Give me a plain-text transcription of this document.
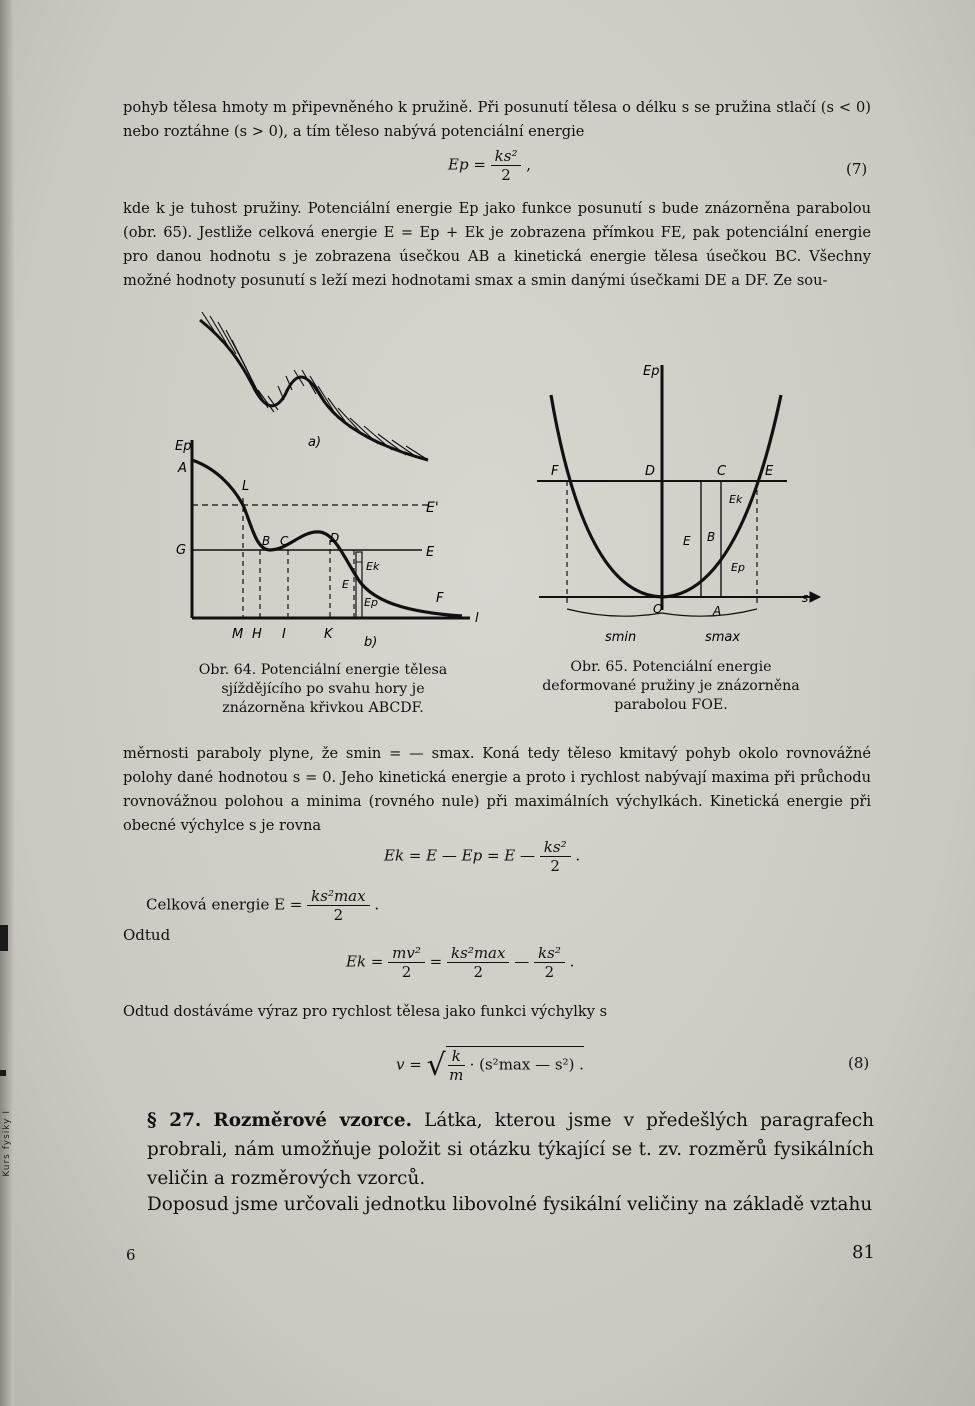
Kurs fysiky I
pohyb tělesa hmoty m připevněného k pružině. Při posunutí tělesa o délku s se pružina stlačí (s < 0) nebo roztáhne (s > 0), a tím těleso nabývá potenciální energie
$Ep = \frac{\text{ks²}}{2}$ ,	(7)
kde k je tuhost pružiny. Potenciální energie Ep jako funkce posunutí s bude znázorněna parabolou (obr. 65). Jestliže celková energie E = Ep + Ek je zobrazena přímkou FE, pak potenciální energie pro danou hodnotu s je zobrazena úsečkou AB a kinetická energie tělesa úsečkou BC. Všechny možné hodnoty posunutí s leží mezi hodnotami smax a smin danými úsečkami DE a DF. Ze sou-
a)
Ep
A
L
E'
G
B C	D
E
Ek
E
Ep	F
l
M H I	K
b)
Obr. 64. Potenciální energie tělesa sjíždějícího po svahu hory je znázorněna křivkou ABCDF.
Ep
F	D	C	E
Ek
E B
Ep
O	A
s
smin	smax
Obr. 65. Potenciální energie deformované pružiny je znázorněna parabolou FOE.
měrnosti paraboly plyne, že smin = — smax. Koná tedy těleso kmitavý pohyb okolo rovnovážné polohy dané hodnotou s = 0. Jeho kinetická energie a proto i rychlost nabývají maxima při průchodu rovnovážnou polohou a minima (rovného nule) při maximálních výchylkách. Kinetická energie při obecné výchylce s je rovna
Ek = E — Ep = E — $\frac{\text{ks²}}{2}$ .
Celková energie $E = \frac{\text{ks²max}}{2}$ .
Odtud
$Ek = \frac{\text{mv²}}{2} = \frac{\text{ks²max}}{2}$ — $\frac{\text{ks²}}{2}$ .
Odtud dostáváme výraz pro rychlost tělesa jako funkci výchylky s
v = √ $\frac{k}{m} \cdot (s^2\max$ — s²) .	(8)
§ 27. Rozměrové vzorce. Látka, kterou jsme v předešlých paragrafech probrali, nám umožňuje položit si otázku týkající se t. zv. rozměrů fysikálních veličin a rozměrových vzorců.
Doposud jsme určovali jednotku libovolné fysikální veličiny na základě vztahu
6	81
